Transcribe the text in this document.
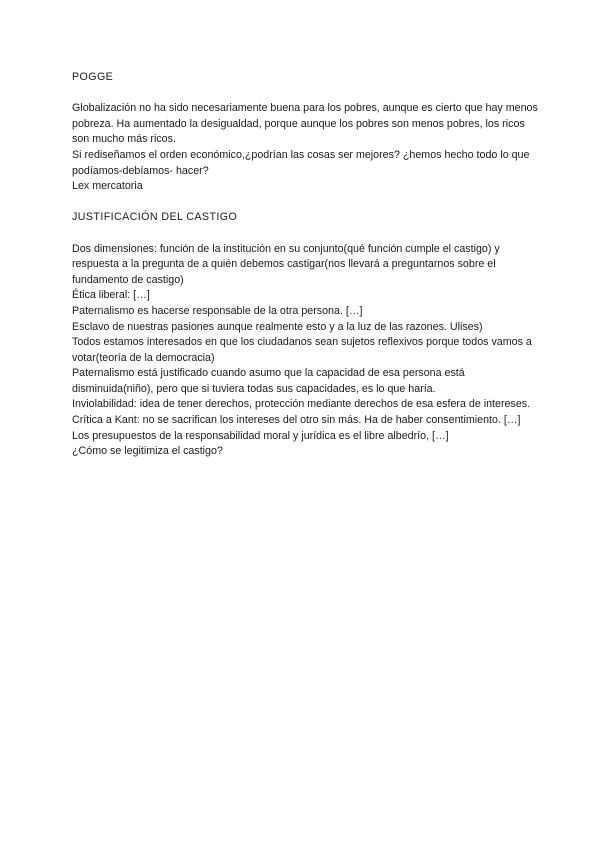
POGGE

Globalización no ha sido necesariamente buena para los pobres, aunque es cierto que hay menos pobreza. Ha aumentado la desigualdad, porque aunque los pobres son menos pobres, los ricos son mucho más ricos.

Si rediseñamos el orden económico,¿podrían las cosas ser mejores? ¿hemos hecho todo lo que podíamos-debíamos- hacer?

Lex mercatoria

JUSTIFICACIÓN DEL CASTIGO

Dos dimensiones: función de la institución en su conjunto(qué función cumple el castigo) y respuesta a la pregunta de a quién debemos castigar(nos llevará a preguntarnos sobre el fundamento de castigo)

Ética liberal: […]

Paternalismo es hacerse responsable de la otra persona. […]

Esclavo de nuestras pasiones aunque realmente esto y a la luz de las razones. Ulises)

Todos estamos interesados en que los ciudadanos sean sujetos reflexivos porque todos vamos a votar(teoría de la democracia)

Paternalismo está justificado cuando asumo que la capacidad de esa persona está disminuida(niño), pero que si tuviera todas sus capacidades, es lo que haría.

Inviolabilidad: idea de tener derechos, protección mediante derechos de esa esfera de intereses.

Crítica a Kant: no se sacrifican los intereses del otro sin más. Ha de haber consentimiento. […]

Los presupuestos de la responsabilidad moral y jurídica es el libre albedrío, […]

¿Cómo se legitimiza el castigo?
